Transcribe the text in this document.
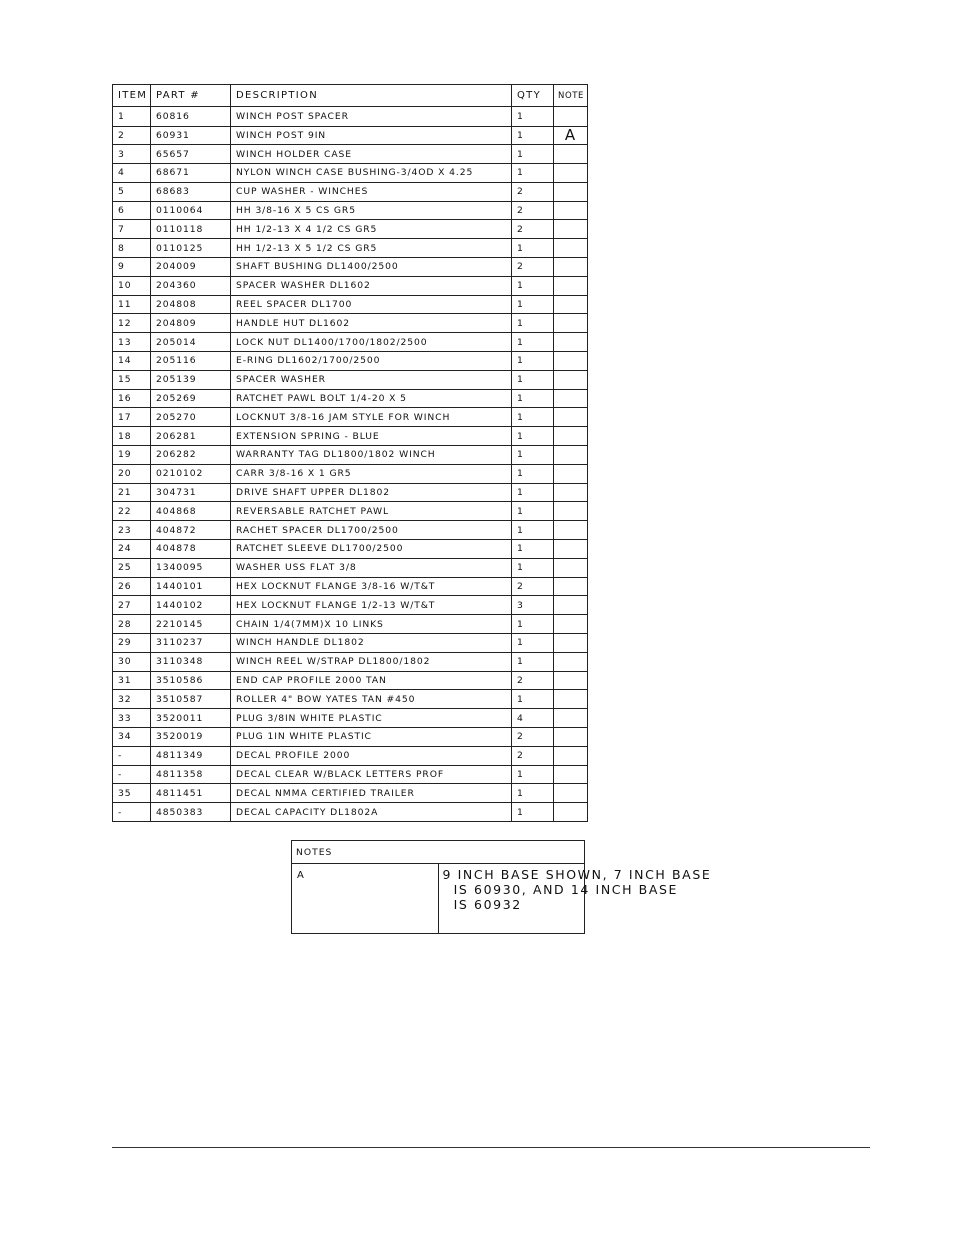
ITEM	PART #	DESCRIPTION	QTY	NOTE
1	60816	WINCH POST SPACER	1	
2	60931	WINCH POST 9IN	1	A
3	65657	WINCH HOLDER CASE	1	
4	68671	NYLON WINCH CASE BUSHING-3/4OD X 4.25	1	
5	68683	CUP WASHER - WINCHES	2	
6	0110064	HH 3/8-16 X 5 CS GR5	2	
7	0110118	HH 1/2-13 X 4 1/2 CS GR5	2	
8	0110125	HH 1/2-13 X 5 1/2 CS GR5	1	
9	204009	SHAFT BUSHING DL1400/2500	2	
10	204360	SPACER WASHER DL1602	1	
11	204808	REEL SPACER DL1700	1	
12	204809	HANDLE HUT DL1602	1	
13	205014	LOCK NUT DL1400/1700/1802/2500	1	
14	205116	E-RING DL1602/1700/2500	1	
15	205139	SPACER WASHER	1	
16	205269	RATCHET PAWL BOLT 1/4-20 X 5	1	
17	205270	LOCKNUT 3/8-16 JAM STYLE FOR WINCH	1	
18	206281	EXTENSION SPRING - BLUE	1	
19	206282	WARRANTY TAG DL1800/1802 WINCH	1	
20	0210102	CARR 3/8-16 X 1 GR5	1	
21	304731	DRIVE SHAFT UPPER DL1802	1	
22	404868	REVERSABLE RATCHET PAWL	1	
23	404872	RACHET SPACER DL1700/2500	1	
24	404878	RATCHET SLEEVE DL1700/2500	1	
25	1340095	WASHER USS FLAT 3/8	1	
26	1440101	HEX LOCKNUT FLANGE 3/8-16 W/T&T	2	
27	1440102	HEX LOCKNUT FLANGE 1/2-13 W/T&T	3	
28	2210145	CHAIN 1/4(7MM)X 10 LINKS	1	
29	3110237	WINCH HANDLE DL1802	1	
30	3110348	WINCH REEL W/STRAP DL1800/1802	1	
31	3510586	END CAP PROFILE 2000 TAN	2	
32	3510587	ROLLER 4" BOW YATES TAN #450	1	
33	3520011	PLUG 3/8IN WHITE PLASTIC	4	
34	3520019	PLUG 1IN WHITE PLASTIC	2	
-	4811349	DECAL PROFILE 2000	2	
-	4811358	DECAL CLEAR W/BLACK LETTERS PROF	1	
35	4811451	DECAL NMMA CERTIFIED TRAILER	1	
-	4850383	DECAL CAPACITY DL1802A	1	
NOTES
A	9 INCH BASE SHOWN, 7 INCH BASE
IS 60930, AND 14 INCH BASE
IS 60932
